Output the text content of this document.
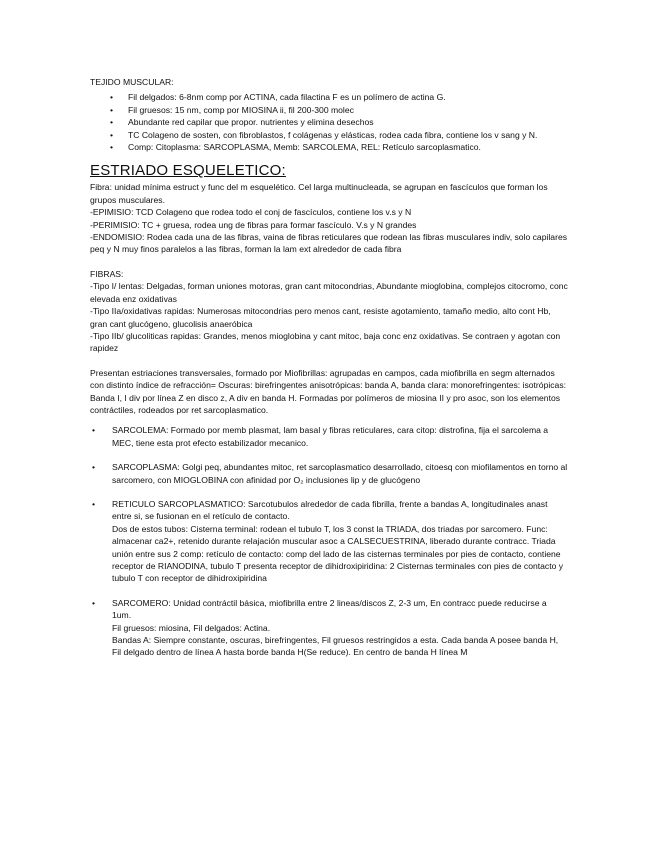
TEJIDO MUSCULAR:

• Fil delgados: 6-8nm comp por ACTINA, cada filactina F es un polímero de actina G.
• Fil gruesos: 15 nm, comp por MIOSINA ii, fil 200-300 molec
• Abundante red capilar que propor. nutrientes y elimina desechos
• TC Colageno de sosten, con fibroblastos, f colágenas y elásticas, rodea cada fibra, contiene los v sang y N.
• Comp: Citoplasma: SARCOPLASMA, Memb: SARCOLEMA, REL: Retículo sarcoplasmatico.

ESTRIADO ESQUELETICO:

Fibra: unidad mínima estruct y func del m esquelético. Cel larga multinucleada, se agrupan en fascículos que forman los grupos musculares.

-EPIMISIO: TCD Colageno que rodea todo el conj de fascículos, contiene los v.s y N

-PERIMISIO: TC + gruesa, rodea ung de fibras para formar fascículo. V.s y N grandes

-ENDOMISIO: Rodea cada una de las fibras, vaina de fibras reticulares que rodean las fibras musculares indiv, solo capilares peq y N muy finos paralelos a las fibras, forman la lam ext alrededor de cada fibra

FIBRAS:

-Tipo I/ lentas: Delgadas, forman uniones motoras, gran cant mitocondrias, Abundante mioglobina, complejos citocromo, conc elevada enz oxidativas

-Tipo IIa/oxidativas rapidas: Numerosas mitocondrias pero menos cant, resiste agotamiento, tamaño medio, alto cont Hb, gran cant glucógeno, glucolisis anaeróbica

-Tipo IIb/ glucoliticas rapidas: Grandes, menos mioglobina y cant mitoc, baja conc enz oxidativas. Se contraen y agotan con rapidez

Presentan estriaciones transversales, formado por Miofibrillas: agrupadas en campos, cada miofibrilla en segm alternados con distinto índice de refracción= Oscuras: birefringentes anisotrópicas: banda A, banda clara: monorefringentes: isotrópicas: Banda I, I div por línea Z en disco z, A div en banda H. Formadas por polímeros de miosina II y pro asoc, son los elementos contráctiles, rodeados por ret sarcoplasmatico.

• SARCOLEMA: Formado por memb plasmat, lam basal y fibras reticulares, cara citop: distrofina, fija el sarcolema a MEC, tiene esta prot efecto estabilizador mecanico.

• SARCOPLASMA: Golgi peq, abundantes mitoc, ret sarcoplasmatico desarrollado, citoesq con miofilamentos en torno al sarcomero, con MIOGLOBINA con afinidad por O₂ inclusiones lip y de glucógeno

• RETICULO SARCOPLASMATICO: Sarcotubulos alrededor de cada fibrilla, frente a bandas A, longitudinales anast entre si, se fusionan en el retículo de contacto.

Dos de estos tubos: Cisterna terminal: rodean el tubulo T, los 3 const la TRIADA, dos triadas por sarcomero. Func: almacenar ca2+, retenido durante relajación muscular asoc a CALSECUESTRINA, liberado durante contracc. Triada unión entre sus 2 comp: retículo de contacto: comp del lado de las cisternas terminales por pies de contacto, contiene receptor de RIANODINA, tubulo T presenta receptor de dihidroxipiridina: 2 Cisternas terminales con pies de contacto y tubulo T con receptor de dihidroxipiridina

• SARCOMERO: Unidad contráctil básica, miofibrilla entre 2 lineas/discos Z, 2-3 um, En contracc puede reducirse a 1um.

Fil gruesos: miosina, Fil delgados: Actina.

Bandas A: Siempre constante, oscuras, birefringentes, Fil gruesos restringidos a esta. Cada banda A posee banda H, Fil delgado dentro de línea A hasta borde banda H(Se reduce). En centro de banda H línea M
